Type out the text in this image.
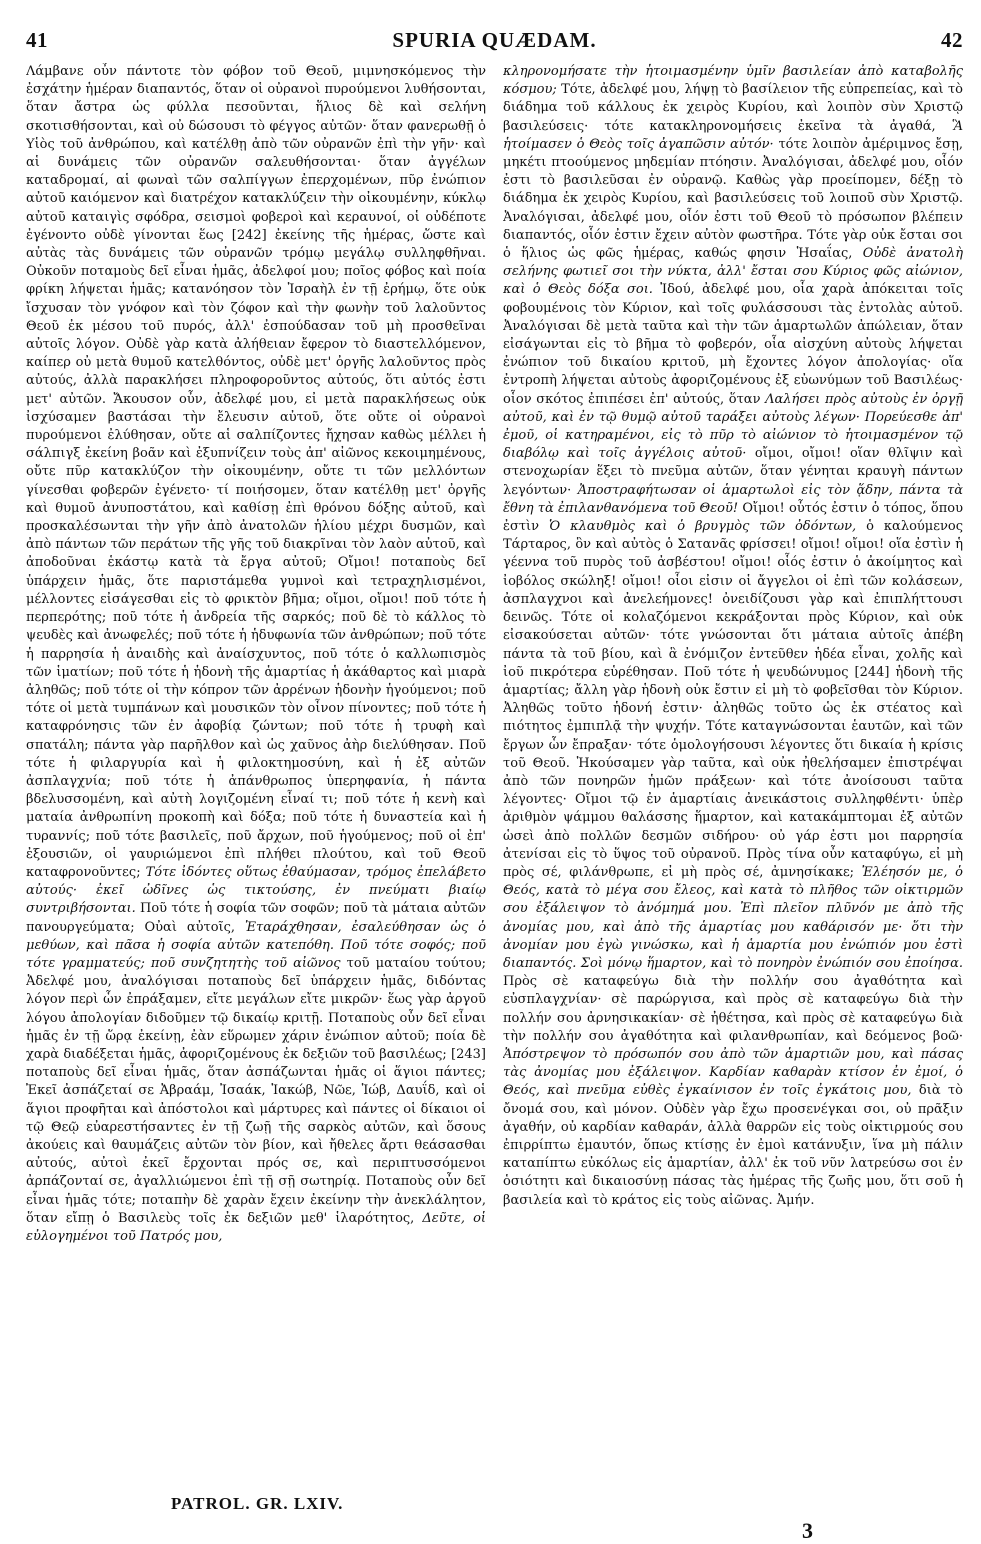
41	SPURIA QUÆDAM.	42

Λάμβανε οὖν πάντοτε τὸν φόβον τοῦ Θεοῦ, μιμνησκόμενος τὴν ἐσχάτην ἡμέραν διαπαντός, ὅταν οἱ οὐρανοὶ πυρούμενοι λυθήσονται, ὅταν ἄστρα ὡς φύλλα πεσοῦνται, ἥλιος δὲ καὶ σελήνη σκοτισθήσονται, καὶ οὐ δώσουσι τὸ φέγγος αὐτῶν· ὅταν φανερωθῇ ὁ Υἱὸς τοῦ ἀνθρώπου, καὶ κατέλθῃ ἀπὸ τῶν οὐρανῶν ἐπὶ τὴν γῆν· καὶ αἱ δυνάμεις τῶν οὐρανῶν σαλευθήσονται· ὅταν ἀγγέλων καταδρομαί, αἱ φωναὶ τῶν σαλπίγγων ἐπερχομένων, πῦρ ἐνώπιον αὐτοῦ καιόμενον καὶ διατρέχον κατακλύζειν τὴν οἰκουμένην, κύκλῳ αὐτοῦ καταιγὶς σφόδρα, σεισμοὶ φοβεροὶ καὶ κεραυνοί, οἱ οὐδέποτε ἐγένοντο οὐδὲ γίνονται ἕως [242] ἐκείνης τῆς ἡμέρας, ὥστε καὶ αὐτὰς τὰς δυνάμεις τῶν οὐρανῶν τρόμῳ μεγάλῳ συλληφθῆναι. Οὐκοῦν ποταμοὺς δεῖ εἶναι ἡμᾶς, ἀδελφοί μου; ποῖος φόβος καὶ ποία φρίκη λήψεται ἡμᾶς; κατανόησον τὸν Ἰσραὴλ ἐν τῇ ἐρήμῳ, ὅτε οὐκ ἴσχυσαν τὸν γνόφον καὶ τὸν ζόφον καὶ τὴν φωνὴν τοῦ λαλοῦντος Θεοῦ ἐκ μέσου τοῦ πυρός, ἀλλ' ἐσπούδασαν τοῦ μὴ προσθεῖναι αὐτοῖς λόγον. Οὐδὲ γὰρ κατὰ ἀλήθειαν ἔφερον τὸ διαστελλόμενον, καίπερ οὐ μετὰ θυμοῦ κατελθόντος, οὐδὲ μετ' ὀργῆς λαλοῦντος πρὸς αὐτούς, ἀλλὰ παρακλήσει πληροφοροῦντος αὐτούς, ὅτι αὐτός ἐστι μετ' αὐτῶν. Ἄκουσον οὖν, ἀδελφέ μου, εἰ μετὰ παρακλήσεως οὐκ ἰσχύσαμεν βαστάσαι τὴν ἔλευσιν αὐτοῦ, ὅτε οὔτε οἱ οὐρανοὶ πυρούμενοι ἐλύθησαν, οὔτε αἱ σαλπίζοντες ἤχησαν καθὼς μέλλει ἡ σάλπιγξ ἐκείνη βοᾶν καὶ ἐξυπνίζειν τοὺς ἀπ' αἰῶνος κεκοιμημένους, οὔτε πῦρ κατακλύζον τὴν οἰκουμένην, οὔτε τι τῶν μελλόντων γίνεσθαι φοβερῶν ἐγένετο· τί ποιήσομεν, ὅταν κατέλθῃ μετ' ὀργῆς καὶ θυμοῦ ἀνυποστάτου, καὶ καθίσῃ ἐπὶ θρόνου δόξης αὐτοῦ, καὶ προσκαλέσωνται τὴν γῆν ἀπὸ ἀνατολῶν ἡλίου μέχρι δυσμῶν, καὶ ἀπὸ πάντων τῶν περάτων τῆς γῆς τοῦ διακρῖναι τὸν λαὸν αὐτοῦ, καὶ ἀποδοῦναι ἑκάστῳ κατὰ τὰ ἔργα αὐτοῦ; Οἴμοι! ποταποὺς δεῖ ὑπάρχειν ἡμᾶς, ὅτε παριστάμεθα γυμνοὶ καὶ τετραχηλισμένοι, μέλλοντες εἰσάγεσθαι εἰς τὸ φρικτὸν βῆμα; οἴμοι, οἴμοι! ποῦ τότε ἡ περπερότης; ποῦ τότε ἡ ἀνδρεία τῆς σαρκός; ποῦ δὲ τὸ κάλλος τὸ ψευδὲς καὶ ἀνωφελές; ποῦ τότε ἡ ἡδυφωνία τῶν ἀνθρώπων; ποῦ τότε ἡ παρρησία ἡ ἀναιδὴς καὶ ἀναίσχυντος, ποῦ τότε ὁ καλλωπισμὸς τῶν ἱματίων; ποῦ τότε ἡ ἡδονὴ τῆς ἁμαρτίας ἡ ἀκάθαρτος καὶ μιαρὰ ἀληθῶς; ποῦ τότε οἱ τὴν κόπρον τῶν ἀρρένων ἡδονὴν ἡγούμενοι; ποῦ τότε οἱ μετὰ τυμπάνων καὶ μουσικῶν τὸν οἶνον πίνοντες; ποῦ τότε ἡ καταφρόνησις τῶν ἐν ἀφοβίᾳ ζώντων; ποῦ τότε ἡ τρυφὴ καὶ σπατάλη; πάντα γὰρ παρῆλθον καὶ ὡς χαῦνος ἀὴρ διελύθησαν. Ποῦ τότε ἡ φιλαργυρία καὶ ἡ φιλοκτημοσύνη, καὶ ἡ ἐξ αὐτῶν ἀσπλαγχνία; ποῦ τότε ἡ ἀπάνθρωπος ὑπερηφανία, ἡ πάντα βδελυσσομένη, καὶ αὐτὴ λογιζομένη εἶναί τι; ποῦ τότε ἡ κενὴ καὶ ματαία ἀνθρωπίνη προκοπὴ καὶ δόξα; ποῦ τότε ἡ δυναστεία καὶ ἡ τυραννίς; ποῦ τότε βασιλεῖς, ποῦ ἄρχων, ποῦ ἡγούμενος; ποῦ οἱ ἐπ' ἐξουσιῶν, οἱ γαυριώμενοι ἐπὶ πλήθει πλούτου, καὶ τοῦ Θεοῦ καταφρονοῦντες; Τότε ἰδόντες οὕτως ἐθαύμασαν, τρόμος ἐπελάβετο αὐτούς· ἐκεῖ ὠδῖνες ὡς τικτούσης, ἐν πνεύματι βιαίῳ συντριβήσονται. Ποῦ τότε ἡ σοφία τῶν σοφῶν; ποῦ τὰ μάταια αὐτῶν πανουργεύματα; Οὐαὶ αὐτοῖς, Ἐταράχθησαν, ἐσαλεύθησαν ὡς ὁ μεθύων, καὶ πᾶσα ἡ σοφία αὐτῶν κατεπόθη. Ποῦ τότε σοφός; ποῦ τότε γραμματεύς; ποῦ συνζητητὴς τοῦ αἰῶνος τοῦ ματαίου τούτου; Ἀδελφέ μου, ἀναλόγισαι ποταποὺς δεῖ ὑπάρχειν ἡμᾶς, διδόντας λόγον περὶ ὧν ἐπράξαμεν, εἴτε μεγάλων εἴτε μικρῶν· ἕως γὰρ ἀργοῦ λόγου ἀπολογίαν διδοῦμεν τῷ δικαίῳ κριτῇ. Ποταποὺς οὖν δεῖ εἶναι ἡμᾶς ἐν τῇ ὥρᾳ ἐκείνῃ, ἐὰν εὕρωμεν χάριν ἐνώπιον αὐτοῦ; ποία δὲ χαρὰ διαδέξεται ἡμᾶς, ἀφοριζομένους ἐκ δεξιῶν τοῦ βασιλέως; [243] ποταποὺς δεῖ εἶναι ἡμᾶς, ὅταν ἀσπάζωνται ἡμᾶς οἱ ἅγιοι πάντες; Ἐκεῖ ἀσπάζεταί σε Ἀβραάμ, Ἰσαάκ, Ἰακώβ, Νῶε, Ἰώβ, Δαυΐδ, καὶ οἱ ἅγιοι προφῆται καὶ ἀπόστολοι καὶ μάρτυρες καὶ πάντες οἱ δίκαιοι οἱ τῷ Θεῷ εὐαρεστήσαντες ἐν τῇ ζωῇ τῆς σαρκὸς αὐτῶν, καὶ ὅσους ἀκούεις καὶ θαυμάζεις αὐτῶν τὸν βίον, καὶ ἤθελες ἄρτι θεάσασθαι αὐτούς, αὐτοὶ ἐκεῖ ἔρχονται πρός σε, καὶ περιπτυσσόμενοι ἀρπάζονταί σε, ἀγαλλιώμενοι ἐπὶ τῇ σῇ σωτηρίᾳ. Ποταποὺς οὖν δεῖ εἶναι ἡμᾶς τότε; ποταπὴν δὲ χαρὰν ἔχειν ἐκείνην τὴν ἀνεκλάλητον, ὅταν εἴπῃ ὁ Βασιλεὺς τοῖς ἐκ δεξιῶν μεθ' ἱλαρότητος, Δεῦτε, οἱ εὐλογημένοι τοῦ Πατρός μου,

κληρονομήσατε τὴν ἡτοιμασμένην ὑμῖν βασιλείαν ἀπὸ καταβολῆς κόσμου; Τότε, ἀδελφέ μου, λήψῃ τὸ βασίλειον τῆς εὐπρεπείας, καὶ τὸ διάδημα τοῦ κάλλους ἐκ χειρὸς Κυρίου, καὶ λοιπὸν σὺν Χριστῷ βασιλεύσεις· τότε κατακληρονομήσεις ἐκεῖνα τὰ ἀγαθά, Ἃ ἡτοίμασεν ὁ Θεὸς τοῖς ἀγαπῶσιν αὐτόν· τότε λοιπὸν ἀμέριμνος ἔσῃ, μηκέτι πτοούμενος μηδεμίαν πτόησιν. Ἀναλόγισαι, ἀδελφέ μου, οἷόν ἐστι τὸ βασιλεῦσαι ἐν οὐρανῷ. Καθὼς γὰρ προείπομεν, δέξῃ τὸ διάδημα ἐκ χειρὸς Κυρίου, καὶ βασιλεύσεις τοῦ λοιποῦ σὺν Χριστῷ. Ἀναλόγισαι, ἀδελφέ μου, οἷόν ἐστι τοῦ Θεοῦ τὸ πρόσωπον βλέπειν διαπαντός, οἷόν ἐστιν ἔχειν αὐτὸν φωστῆρα. Τότε γὰρ οὐκ ἔσται σοι ὁ ἥλιος ὡς φῶς ἡμέρας, καθώς φησιν Ἡσαΐας, Οὐδὲ ἀνατολὴ σελήνης φωτιεῖ σοι τὴν νύκτα, ἀλλ' ἔσται σου Κύριος φῶς αἰώνιον, καὶ ὁ Θεὸς δόξα σοι. Ἰδού, ἀδελφέ μου, οἷα χαρὰ ἀπόκειται τοῖς φοβουμένοις τὸν Κύριον, καὶ τοῖς φυλάσσουσι τὰς ἐντολὰς αὐτοῦ. Ἀναλόγισαι δὲ μετὰ ταῦτα καὶ τὴν τῶν ἁμαρτωλῶν ἀπώλειαν, ὅταν εἰσάγωνται εἰς τὸ βῆμα τὸ φοβερόν, οἷα αἰσχύνη αὐτοὺς λήψεται ἐνώπιον τοῦ δικαίου κριτοῦ, μὴ ἔχοντες λόγον ἀπολογίας· οἵα ἐντροπὴ λήψεται αὐτοὺς ἀφοριζομένους ἐξ εὐωνύμων τοῦ Βασιλέως· οἷον σκότος ἐπιπέσει ἐπ' αὐτούς, ὅταν Λαλήσει πρὸς αὐτοὺς ἐν ὀργῇ αὐτοῦ, καὶ ἐν τῷ θυμῷ αὐτοῦ ταράξει αὐτοὺς λέγων· Πορεύεσθε ἀπ' ἐμοῦ, οἱ κατηραμένοι, εἰς τὸ πῦρ τὸ αἰώνιον τὸ ἡτοιμασμένον τῷ διαβόλῳ καὶ τοῖς ἀγγέλοις αὐτοῦ· οἴμοι, οἴμοι! οἵαν θλῖψιν καὶ στενοχωρίαν ἕξει τὸ πνεῦμα αὐτῶν, ὅταν γένηται κραυγὴ πάντων λεγόντων· Ἀποστραφήτωσαν οἱ ἁμαρτωλοὶ εἰς τὸν ᾅδην, πάντα τὰ ἔθνη τὰ ἐπιλανθανόμενα τοῦ Θεοῦ! Οἴμοι! οὗτός ἐστιν ὁ τόπος, ὅπου ἐστὶν Ὁ κλαυθμὸς καὶ ὁ βρυγμὸς τῶν ὀδόντων, ὁ καλούμενος Τάρταρος, ὃν καὶ αὐτὸς ὁ Σατανᾶς φρίσσει! οἴμοι! οἴμοι! οἵα ἐστὶν ἡ γέεννα τοῦ πυρὸς τοῦ ἀσβέστου! οἴμοι! οἷός ἐστιν ὁ ἀκοίμητος καὶ ἰοβόλος σκώληξ! οἴμοι! οἷοι εἰσιν οἱ ἄγγελοι οἱ ἐπὶ τῶν κολάσεων, ἀσπλαγχνοι καὶ ἀνελεήμονες! ὀνειδίζουσι γὰρ καὶ ἐπιπλήττουσι δεινῶς. Τότε οἱ κολαζόμενοι κεκράξονται πρὸς Κύριον, καὶ οὐκ εἰσακούσεται αὐτῶν· τότε γνώσονται ὅτι μάταια αὐτοῖς ἀπέβη πάντα τὰ τοῦ βίου, καὶ ἃ ἐνόμιζον ἐντεῦθεν ἡδέα εἶναι, χολῆς καὶ ἰοῦ πικρότερα εὑρέθησαν. Ποῦ τότε ἡ ψευδώνυμος [244] ἡδονὴ τῆς ἁμαρτίας; ἄλλη γὰρ ἡδονὴ οὐκ ἔστιν εἰ μὴ τὸ φοβεῖσθαι τὸν Κύριον. Ἀληθῶς τοῦτο ἡδονή ἐστιν· ἀληθῶς τοῦτο ὡς ἐκ στέατος καὶ πιότητος ἐμπιπλᾷ τὴν ψυχήν. Τότε καταγνώσονται ἑαυτῶν, καὶ τῶν ἔργων ὧν ἔπραξαν· τότε ὁμολογήσουσι λέγοντες ὅτι δικαία ἡ κρίσις τοῦ Θεοῦ. Ἠκούσαμεν γὰρ ταῦτα, καὶ οὐκ ἠθελήσαμεν ἐπιστρέψαι ἀπὸ τῶν πονηρῶν ἡμῶν πράξεων· καὶ τότε ἀνοίσουσι ταῦτα λέγοντες· Οἴμοι τῷ ἐν ἁμαρτίαις ἀνεικάστοις συλληφθέντι· ὑπὲρ ἀριθμὸν ψάμμου θαλάσσης ἥμαρτον, καὶ κατακάμπτομαι ἐξ αὐτῶν ὡσεὶ ἀπὸ πολλῶν δεσμῶν σιδήρου· οὐ γάρ ἐστι μοι παρρησία ἀτενίσαι εἰς τὸ ὕψος τοῦ οὐρανοῦ. Πρὸς τίνα οὖν καταφύγω, εἰ μὴ πρὸς σέ, φιλάνθρωπε, εἰ μὴ πρὸς σέ, ἀμνησίκακε; Ἐλέησόν με, ὁ Θεός, κατὰ τὸ μέγα σου ἔλεος, καὶ κατὰ τὸ πλῆθος τῶν οἰκτιρμῶν σου ἐξάλειψον τὸ ἀνόμημά μου. Ἐπὶ πλεῖον πλῦνόν με ἀπὸ τῆς ἀνομίας μου, καὶ ἀπὸ τῆς ἁμαρτίας μου καθάρισόν με· ὅτι τὴν ἀνομίαν μου ἐγὼ γινώσκω, καὶ ἡ ἁμαρτία μου ἐνώπιόν μου ἐστὶ διαπαντός. Σοὶ μόνῳ ἥμαρτον, καὶ τὸ πονηρὸν ἐνώπιόν σου ἐποίησα. Πρὸς σὲ καταφεύγω διὰ τὴν πολλήν σου ἀγαθότητα καὶ εὐσπλαγχνίαν· σὲ παρώργισα, καὶ πρὸς σὲ καταφεύγω διὰ τὴν πολλήν σου ἀρνησικακίαν· σὲ ἠθέτησα, καὶ πρὸς σὲ καταφεύγω διὰ τὴν πολλήν σου ἀγαθότητα καὶ φιλανθρωπίαν, καὶ δεόμενος βοῶ· Ἀπόστρεψον τὸ πρόσωπόν σου ἀπὸ τῶν ἁμαρτιῶν μου, καὶ πάσας τὰς ἀνομίας μου ἐξάλειψον. Καρδίαν καθαρὰν κτίσον ἐν ἐμοί, ὁ Θεός, καὶ πνεῦμα εὐθὲς ἐγκαίνισον ἐν τοῖς ἐγκάτοις μου, διὰ τὸ ὄνομά σου, καὶ μόνον. Οὐδὲν γὰρ ἔχω προσενέγκαι σοι, οὐ πρᾶξιν ἀγαθήν, οὐ καρδίαν καθαράν, ἀλλὰ θαρρῶν εἰς τοὺς οἰκτιρμούς σου ἐπιρρίπτω ἐμαυτόν, ὅπως κτίσῃς ἐν ἐμοὶ κατάνυξιν, ἵνα μὴ πάλιν καταπίπτω εὐκόλως εἰς ἁμαρτίαν, ἀλλ' ἐκ τοῦ νῦν λατρεύσω σοι ἐν ὁσιότητι καὶ δικαιοσύνῃ πάσας τὰς ἡμέρας τῆς ζωῆς μου, ὅτι σοῦ ἡ βασιλεία καὶ τὸ κράτος εἰς τοὺς αἰῶνας. Ἀμήν.

PATROL. GR. LXIV.
3
